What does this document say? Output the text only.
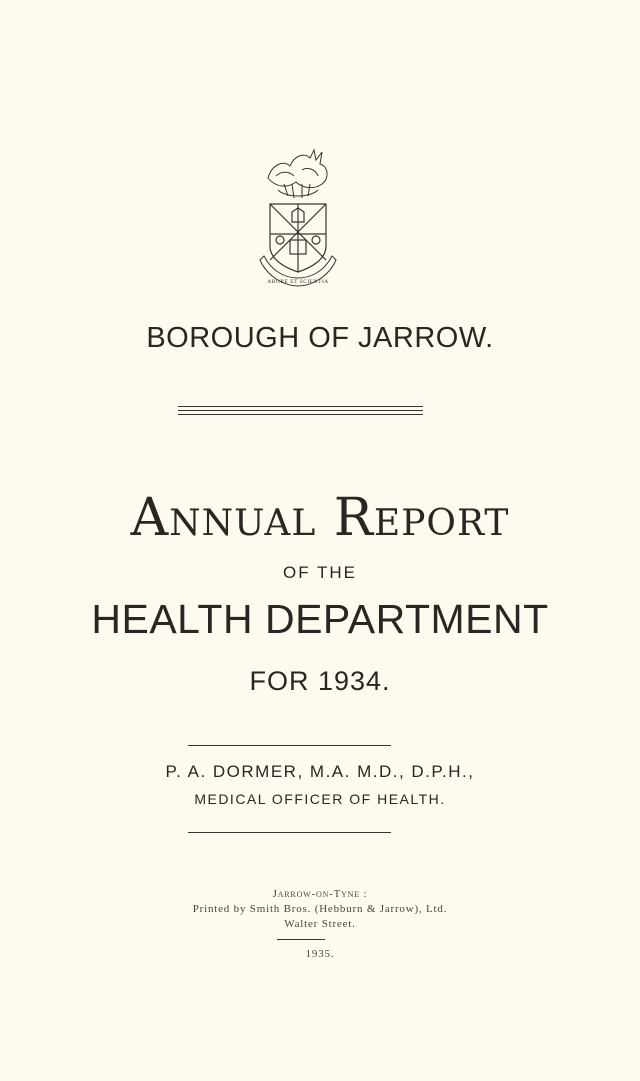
ABORE ET SCIENTIA
BOROUGH OF JARROW.
Annual Report
OF THE
HEALTH DEPARTMENT
FOR 1934.
P. A. DORMER, M.A. M.D., D.P.H.,
MEDICAL OFFICER OF HEALTH.
Jarrow-on-Tyne :
Printed by Smith Bros. (Hebburn & Jarrow), Ltd.
Walter Street.
1935.
